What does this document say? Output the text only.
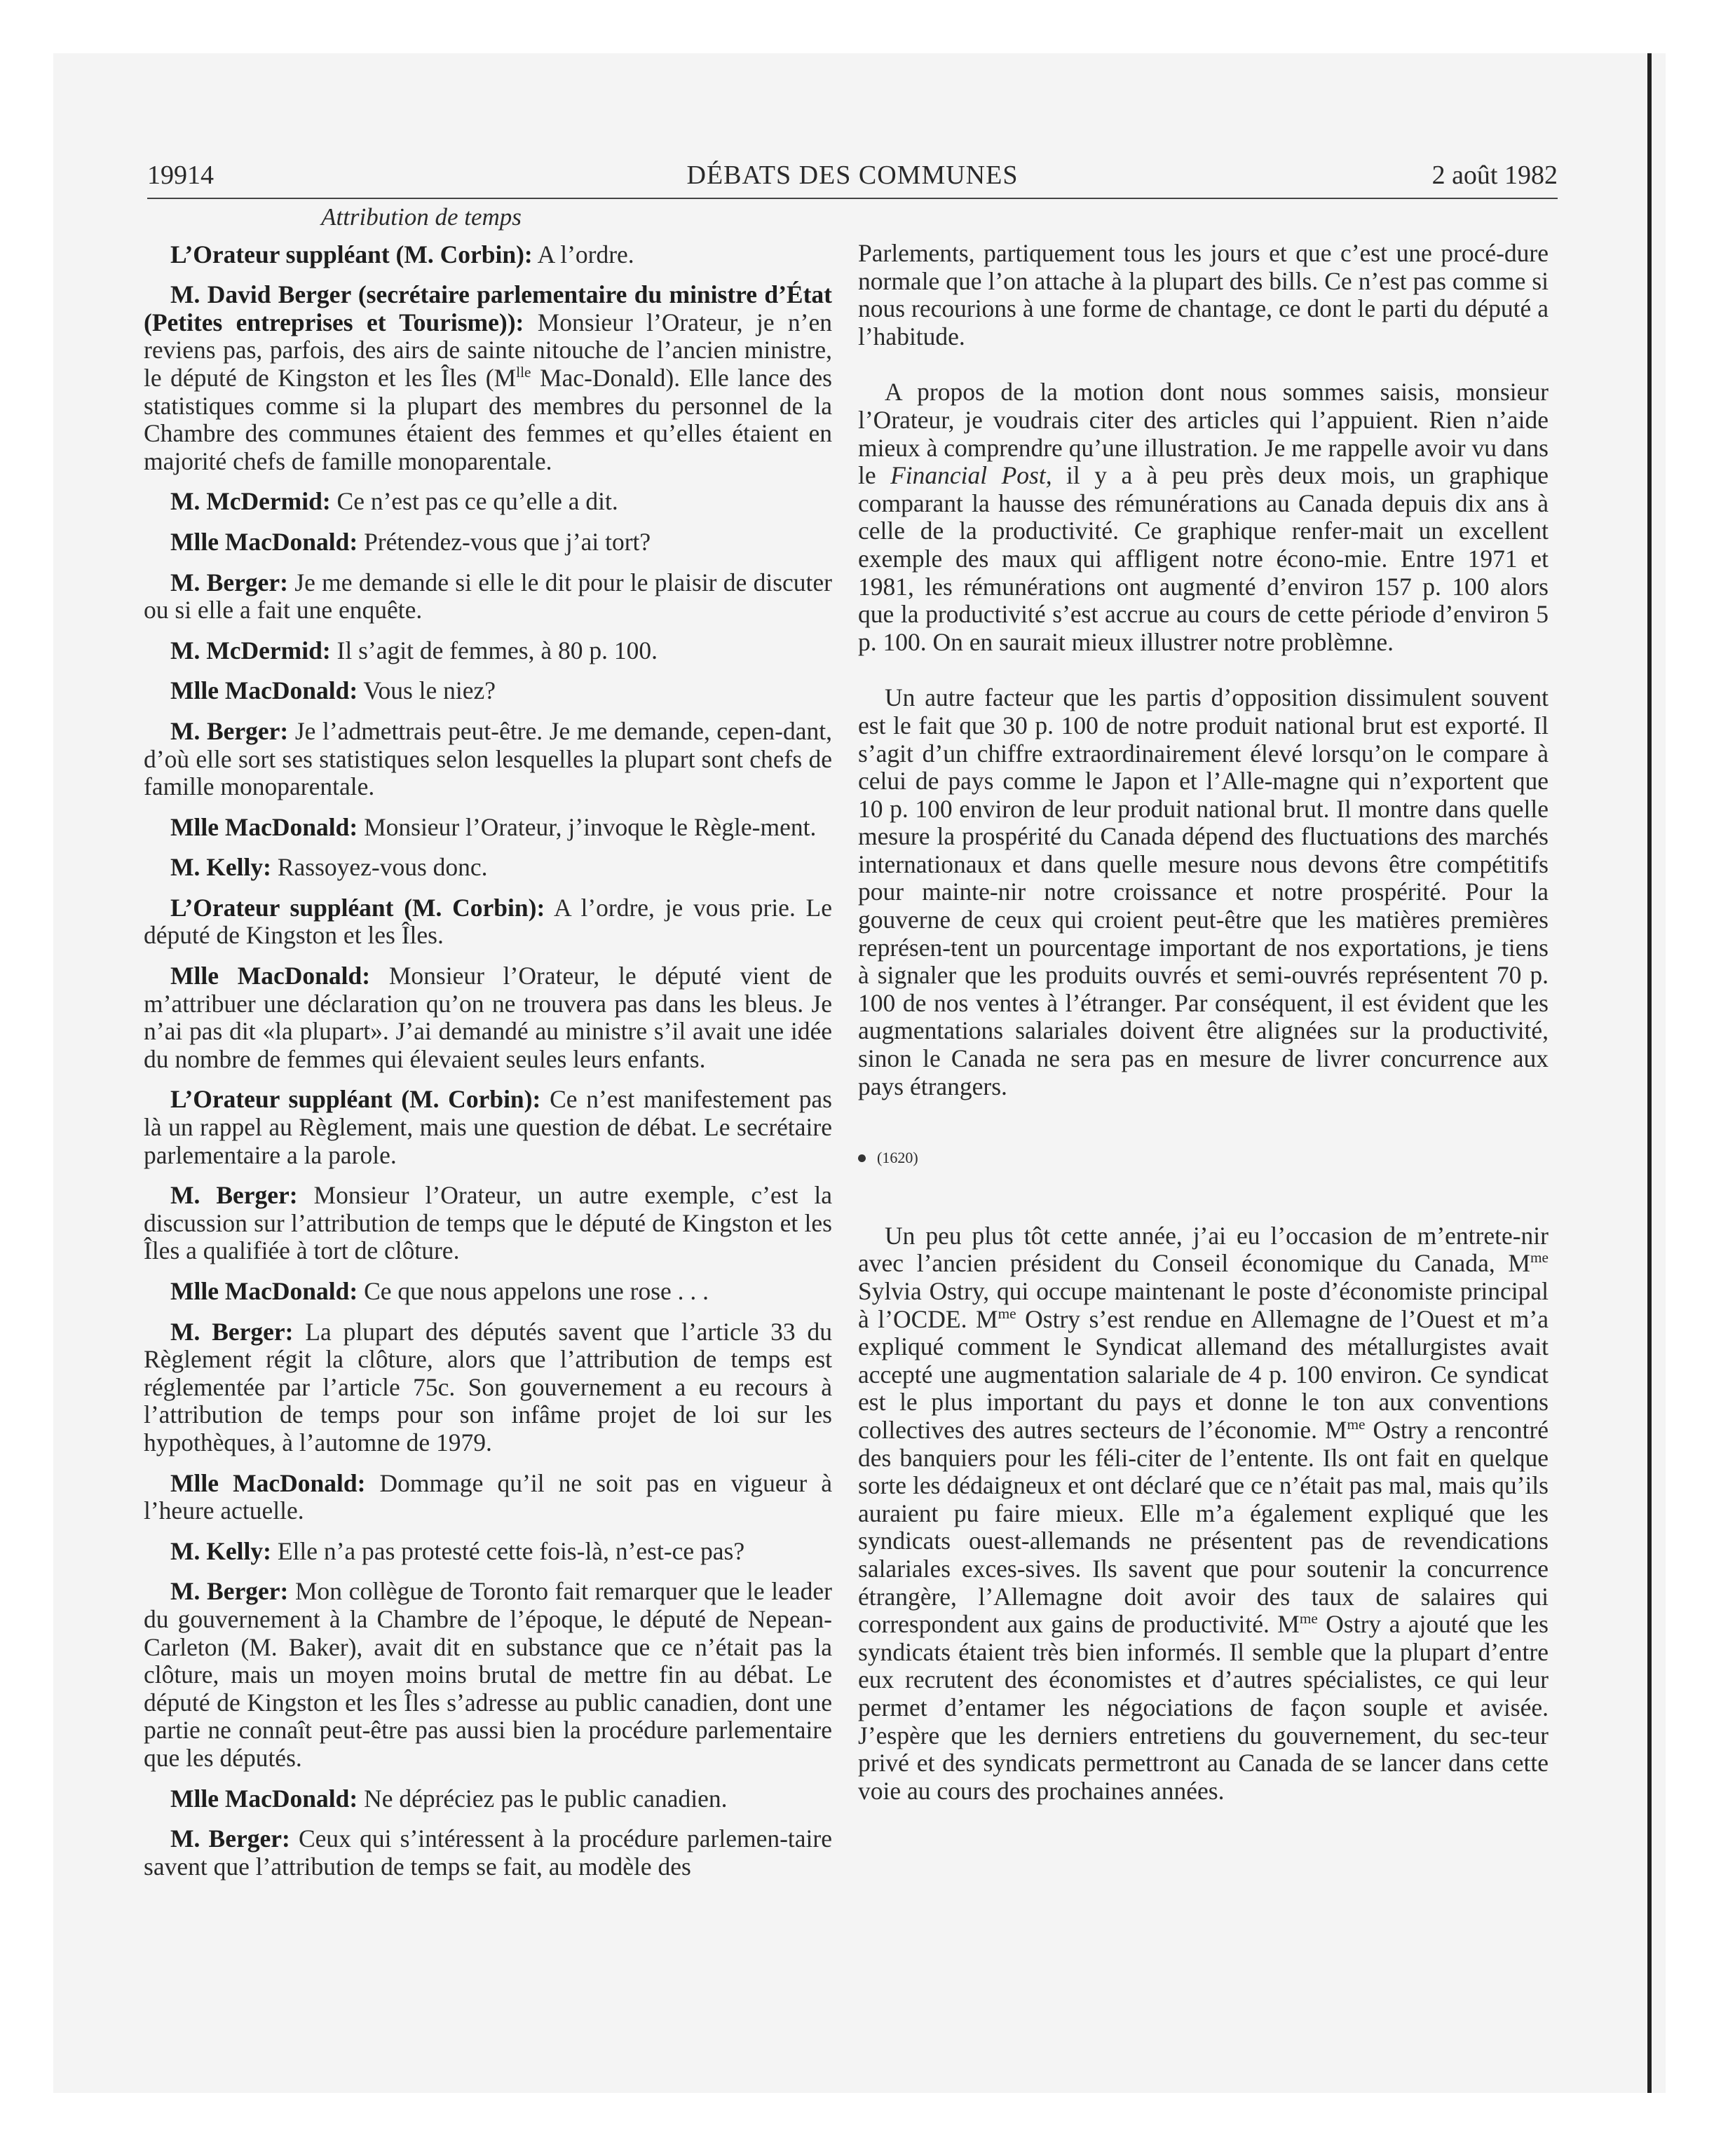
19914	DÉBATS DES COMMUNES	2 août 1982

Attribution de temps

L’Orateur suppléant (M. Corbin): A l’ordre.

M. David Berger (secrétaire parlementaire du ministre d’État (Petites entreprises et Tourisme)): Monsieur l’Orateur, je n’en reviens pas, parfois, des airs de sainte nitouche de l’ancien ministre, le député de Kingston et les Îles ($M^{lle}$ Mac-Donald). Elle lance des statistiques comme si la plupart des membres du personnel de la Chambre des communes étaient des femmes et qu’elles étaient en majorité chefs de famille monoparentale.

M. McDermid: Ce n’est pas ce qu’elle a dit.

Mlle MacDonald: Prétendez-vous que j’ai tort?

M. Berger: Je me demande si elle le dit pour le plaisir de discuter ou si elle a fait une enquête.

M. McDermid: Il s’agit de femmes, à 80 p. 100.

Mlle MacDonald: Vous le niez?

M. Berger: Je l’admettrais peut-être. Je me demande, cepen-dant, d’où elle sort ses statistiques selon lesquelles la plupart sont chefs de famille monoparentale.

Mlle MacDonald: Monsieur l’Orateur, j’invoque le Règle-ment.

M. Kelly: Rassoyez-vous donc.

L’Orateur suppléant (M. Corbin): A l’ordre, je vous prie. Le député de Kingston et les Îles.

Mlle MacDonald: Monsieur l’Orateur, le député vient de m’attribuer une déclaration qu’on ne trouvera pas dans les bleus. Je n’ai pas dit «la plupart». J’ai demandé au ministre s’il avait une idée du nombre de femmes qui élevaient seules leurs enfants.

L’Orateur suppléant (M. Corbin): Ce n’est manifestement pas là un rappel au Règlement, mais une question de débat. Le secrétaire parlementaire a la parole.

M. Berger: Monsieur l’Orateur, un autre exemple, c’est la discussion sur l’attribution de temps que le député de Kingston et les Îles a qualifiée à tort de clôture.

Mlle MacDonald: Ce que nous appelons une rose . . .

M. Berger: La plupart des députés savent que l’article 33 du Règlement régit la clôture, alors que l’attribution de temps est réglementée par l’article 75c. Son gouvernement a eu recours à l’attribution de temps pour son infâme projet de loi sur les hypothèques, à l’automne de 1979.

Mlle MacDonald: Dommage qu’il ne soit pas en vigueur à l’heure actuelle.

M. Kelly: Elle n’a pas protesté cette fois-là, n’est-ce pas?

M. Berger: Mon collègue de Toronto fait remarquer que le leader du gouvernement à la Chambre de l’époque, le député de Nepean-Carleton (M. Baker), avait dit en substance que ce n’était pas la clôture, mais un moyen moins brutal de mettre fin au débat. Le député de Kingston et les Îles s’adresse au public canadien, dont une partie ne connaît peut-être pas aussi bien la procédure parlementaire que les députés.

Mlle MacDonald: Ne dépréciez pas le public canadien.

M. Berger: Ceux qui s’intéressent à la procédure parlemen-taire savent que l’attribution de temps se fait, au modèle des

Parlements, partiquement tous les jours et que c’est une procé-dure normale que l’on attache à la plupart des bills. Ce n’est pas comme si nous recourions à une forme de chantage, ce dont le parti du député a l’habitude.

A propos de la motion dont nous sommes saisis, monsieur l’Orateur, je voudrais citer des articles qui l’appuient. Rien n’aide mieux à comprendre qu’une illustration. Je me rappelle avoir vu dans le Financial Post, il y a à peu près deux mois, un graphique comparant la hausse des rémunérations au Canada depuis dix ans à celle de la productivité. Ce graphique renfer-mait un excellent exemple des maux qui affligent notre écono-mie. Entre 1971 et 1981, les rémunérations ont augmenté d’environ 157 p. 100 alors que la productivité s’est accrue au cours de cette période d’environ 5 p. 100. On en saurait mieux illustrer notre problèmne.

Un autre facteur que les partis d’opposition dissimulent souvent est le fait que 30 p. 100 de notre produit national brut est exporté. Il s’agit d’un chiffre extraordinairement élevé lorsqu’on le compare à celui de pays comme le Japon et l’Alle-magne qui n’exportent que 10 p. 100 environ de leur produit national brut. Il montre dans quelle mesure la prospérité du Canada dépend des fluctuations des marchés internationaux et dans quelle mesure nous devons être compétitifs pour mainte-nir notre croissance et notre prospérité. Pour la gouverne de ceux qui croient peut-être que les matières premières représen-tent un pourcentage important de nos exportations, je tiens à signaler que les produits ouvrés et semi-ouvrés représentent 70 p. 100 de nos ventes à l’étranger. Par conséquent, il est évident que les augmentations salariales doivent être alignées sur la productivité, sinon le Canada ne sera pas en mesure de livrer concurrence aux pays étrangers.

(1620)

Un peu plus tôt cette année, j’ai eu l’occasion de m’entrete-nir avec l’ancien président du Conseil économique du Canada, $M^{me}$ Sylvia Ostry, qui occupe maintenant le poste d’économiste principal à l’OCDE. $M^{me}$ Ostry s’est rendue en Allemagne de l’Ouest et m’a expliqué comment le Syndicat allemand des métallurgistes avait accepté une augmentation salariale de 4 p. 100 environ. Ce syndicat est le plus important du pays et donne le ton aux conventions collectives des autres secteurs de l’économie. $M^{me}$ Ostry a rencontré des banquiers pour les féli-citer de l’entente. Ils ont fait en quelque sorte les dédaigneux et ont déclaré que ce n’était pas mal, mais qu’ils auraient pu faire mieux. Elle m’a également expliqué que les syndicats ouest-allemands ne présentent pas de revendications salariales exces-sives. Ils savent que pour soutenir la concurrence étrangère, l’Allemagne doit avoir des taux de salaires qui correspondent aux gains de productivité. $M^{me}$ Ostry a ajouté que les syndicats étaient très bien informés. Il semble que la plupart d’entre eux recrutent des économistes et d’autres spécialistes, ce qui leur permet d’entamer les négociations de façon souple et avisée. J’espère que les derniers entretiens du gouvernement, du sec-teur privé et des syndicats permettront au Canada de se lancer dans cette voie au cours des prochaines années.
